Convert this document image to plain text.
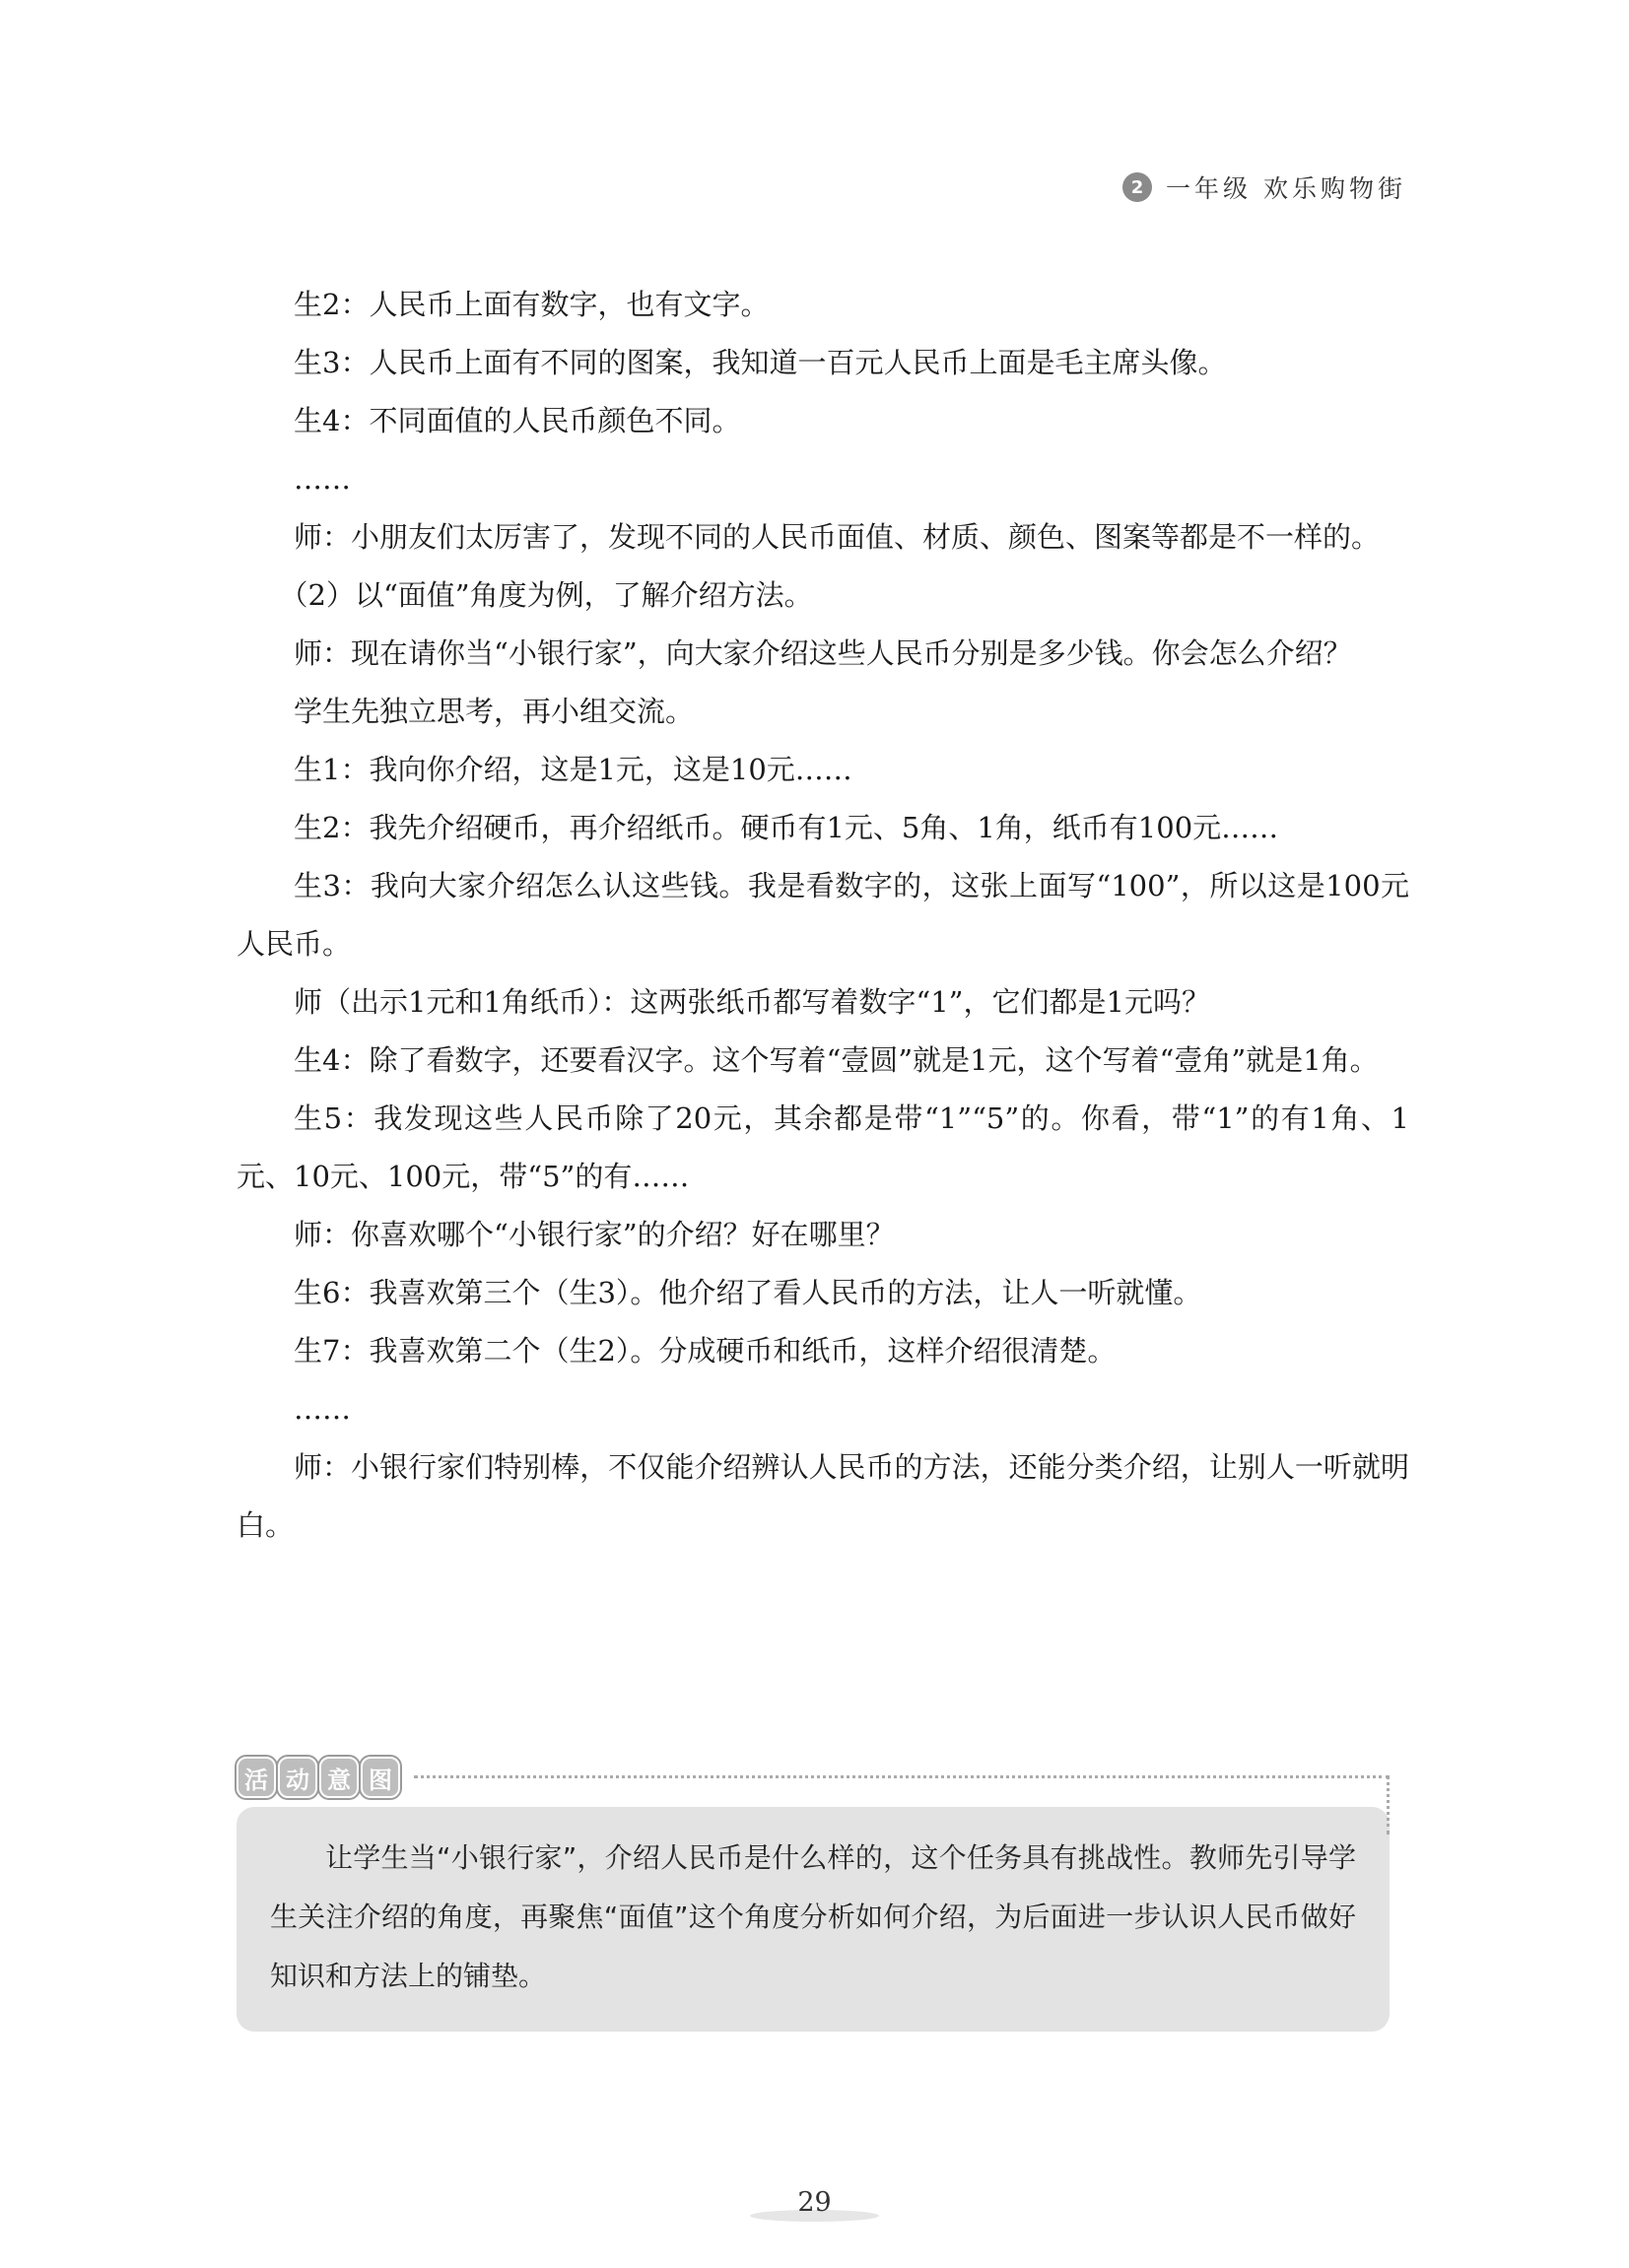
2 一年级 欢乐购物街

生2：人民币上面有数字，也有文字。

生3：人民币上面有不同的图案，我知道一百元人民币上面是毛主席头像。

生4：不同面值的人民币颜色不同。

……

师：小朋友们太厉害了，发现不同的人民币面值、材质、颜色、图案等都是不一样的。

（2）以“面值”角度为例，了解介绍方法。

师：现在请你当“小银行家”，向大家介绍这些人民币分别是多少钱。你会怎么介绍？

学生先独立思考，再小组交流。

生1：我向你介绍，这是1元，这是10元……

生2：我先介绍硬币，再介绍纸币。硬币有1元、5角、1角，纸币有100元……

生3：我向大家介绍怎么认这些钱。我是看数字的，这张上面写“100”，所以这是100元人民币。

师（出示1元和1角纸币）：这两张纸币都写着数字“1”，它们都是1元吗？

生4：除了看数字，还要看汉字。这个写着“壹圆”就是1元，这个写着“壹角”就是1角。

生5：我发现这些人民币除了20元，其余都是带“1”“5”的。你看，带“1”的有1角、1元、10元、100元，带“5”的有……

师：你喜欢哪个“小银行家”的介绍？好在哪里？

生6：我喜欢第三个（生3）。他介绍了看人民币的方法，让人一听就懂。

生7：我喜欢第二个（生2）。分成硬币和纸币，这样介绍很清楚。

……

师：小银行家们特别棒，不仅能介绍辨认人民币的方法，还能分类介绍，让别人一听就明白。

活 动 意 图

让学生当“小银行家”，介绍人民币是什么样的，这个任务具有挑战性。教师先引导学生关注介绍的角度，再聚焦“面值”这个角度分析如何介绍，为后面进一步认识人民币做好知识和方法上的铺垫。

29
